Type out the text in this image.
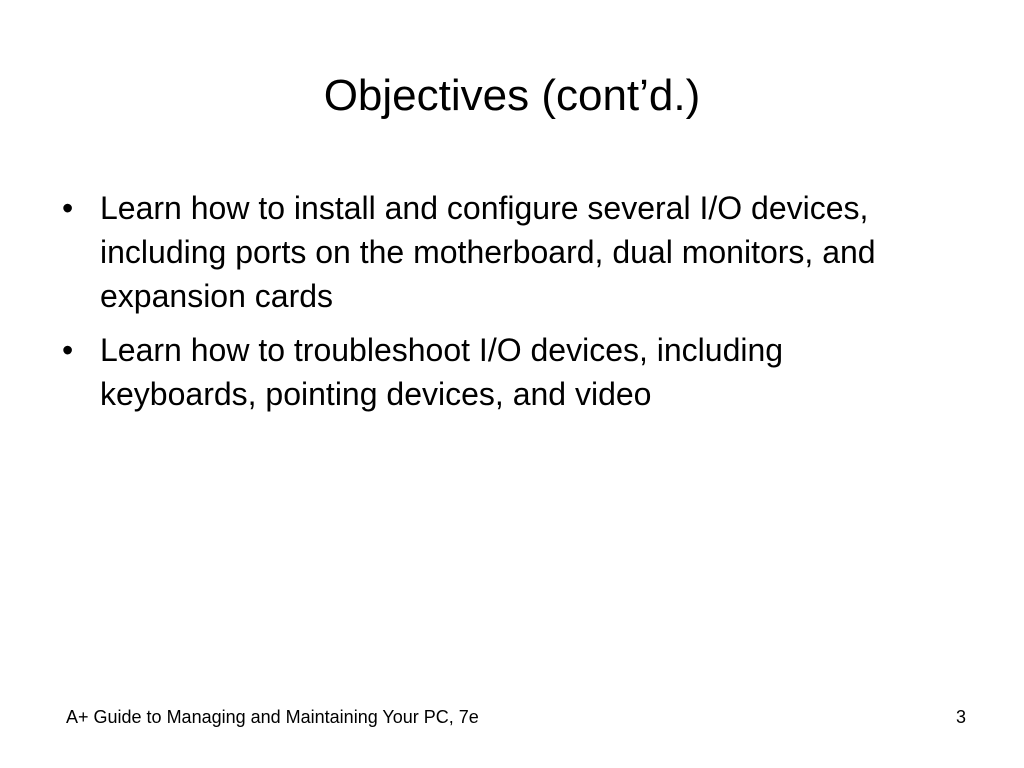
Objectives (cont’d.)
• Learn how to install and configure several I/O devices, including ports on the motherboard, dual monitors, and expansion cards
• Learn how to troubleshoot I/O devices, including keyboards, pointing devices, and video
A+ Guide to Managing and Maintaining Your PC, 7e	3
